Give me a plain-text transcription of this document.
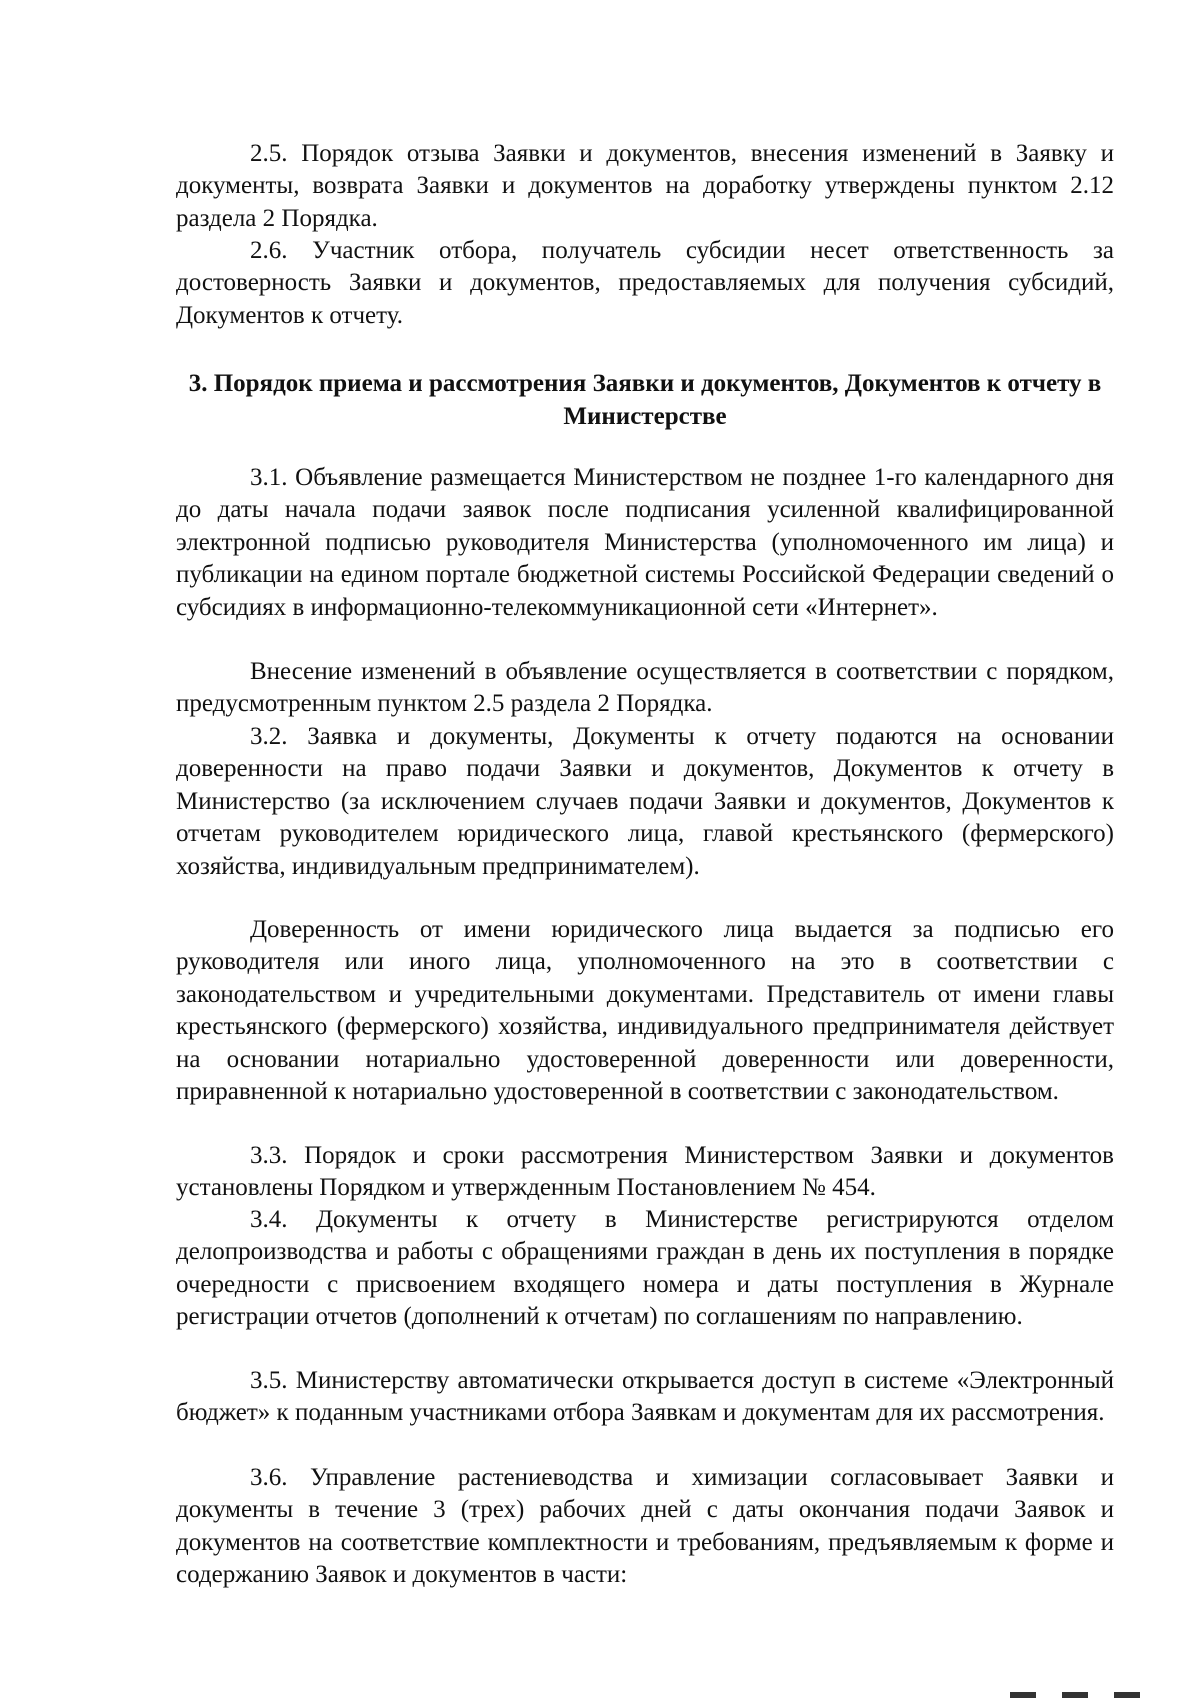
2.5. Порядок отзыва Заявки и документов, внесения изменений в Заявку и документы, возврата Заявки и документов на доработку утверждены пунктом 2.12 раздела 2 Порядка.

2.6. Участник отбора, получатель субсидии несет ответственность за достоверность Заявки и документов, предоставляемых для получения субсидий, Документов к отчету.

3. Порядок приема и рассмотрения Заявки и документов, Документов к отчету в Министерстве

3.1. Объявление размещается Министерством не позднее 1-го календарного дня до даты начала подачи заявок после подписания усиленной квалифицированной электронной подписью руководителя Министерства (уполномоченного им лица) и публикации на едином портале бюджетной системы Российской Федерации сведений о субсидиях в информационно-телекоммуникационной сети «Интернет».

Внесение изменений в объявление осуществляется в соответствии с порядком, предусмотренным пунктом 2.5 раздела 2 Порядка.

3.2. Заявка и документы, Документы к отчету подаются на основании доверенности на право подачи Заявки и документов, Документов к отчету в Министерство (за исключением случаев подачи Заявки и документов, Документов к отчетам руководителем юридического лица, главой крестьянского (фермерского) хозяйства, индивидуальным предпринимателем).

Доверенность от имени юридического лица выдается за подписью его руководителя или иного лица, уполномоченного на это в соответствии с законодательством и учредительными документами. Представитель от имени главы крестьянского (фермерского) хозяйства, индивидуального предпринимателя действует на основании нотариально удостоверенной доверенности или доверенности, приравненной к нотариально удостоверенной в соответствии с законодательством.

3.3. Порядок и сроки рассмотрения Министерством Заявки и документов установлены Порядком и утвержденным Постановлением № 454.

3.4. Документы к отчету в Министерстве регистрируются отделом делопроизводства и работы с обращениями граждан в день их поступления в порядке очередности с присвоением входящего номера и даты поступления в Журнале регистрации отчетов (дополнений к отчетам) по соглашениям по направлению.

3.5. Министерству автоматически открывается доступ в системе «Электронный бюджет» к поданным участниками отбора Заявкам и документам для их рассмотрения.

3.6. Управление растениеводства и химизации согласовывает Заявки и документы в течение 3 (трех) рабочих дней с даты окончания подачи Заявок и документов на соответствие комплектности и требованиям, предъявляемым к форме и содержанию Заявок и документов в части:
